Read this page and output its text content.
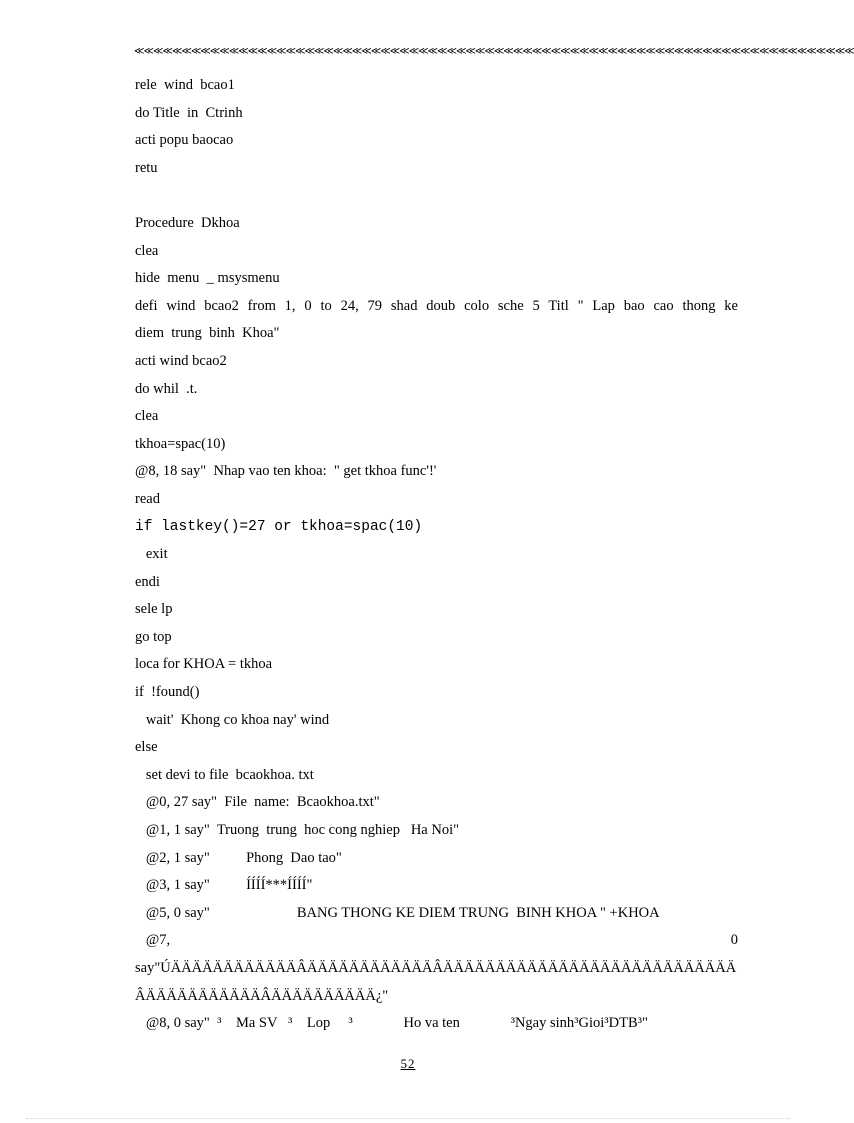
≪≪≪≪≪≪≪≪≪≪≪≪≪≪≪≪≪≪≪≪≪≪≪≪≪≪≪≪≪≪≪≪≪≪≪≪≪≪≪≪≪≪≪≪≪≪≪≪≪≪≪≪≪≪≪≪≪≪≪≪≪≪≪≪≪≪≪≪≪≪≪≪≪≪≪≪
rele  wind  bcao1
do Title  in  Ctrinh
acti popu baocao
retu
Procedure  Dkhoa
clea
hide  menu  _ msysmenu
defi wind bcao2 from 1, 0 to 24, 79 shad doub colo sche 5 Titl " Lap bao cao thong ke
diem  trung  binh  Khoa"
acti wind bcao2
do whil  .t.
clea
tkhoa=spac(10)
@8, 18 say"  Nhap vao ten khoa:  " get tkhoa func'!'
read
if lastkey()=27 or tkhoa=spac(10)
exit
endi
sele lp
go top
loca for KHOA = tkhoa
if  !found()
wait'  Khong co khoa nay' wind
else
set devi to file  bcaokhoa. txt
@0, 27 say"  File  name:  Bcaokhoa.txt"
@1, 1 say"  Truong  trung  hoc cong nghiep   Ha Noi"
@2, 1 say"          Phong  Dao tao"
@3, 1 say"          ÍÍÍÍ***ÍÍÍÍ"
@5, 0 say"                        BANG THONG KE DIEM TRUNG  BINH KHOA " +KHOA
@7,	0
say"ÚÄÄÄÄÄÄÄÄÄÄÄÄÂÄÄÄÄÄÄÄÄÄÄÄÄÂÄÄÄÄÄÄÄÄÄÄÄÄÄÄÄÄÄÄÄÄÄÄÄÄÄÄÄÄ
ÂÄÄÄÄÄÄÄÄÄÄÄÂÄÄÄÄÄÄÄÄÄÄ¿"
@8, 0 say"  ³    Ma SV   ³    Lop     ³              Ho va ten              ³Ngay sinh³Gioi³DTB³"
52
